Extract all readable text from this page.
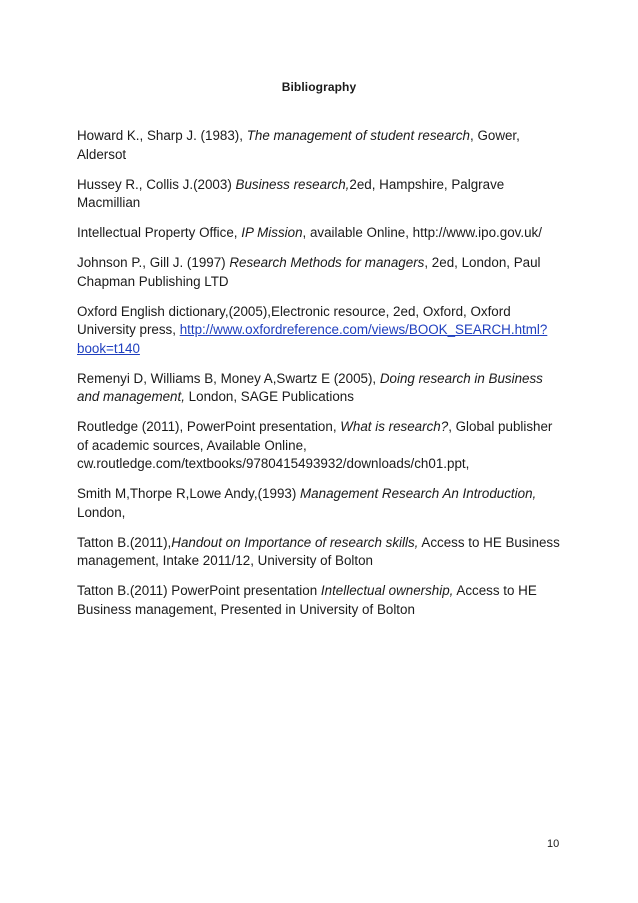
Bibliography

Howard K., Sharp J. (1983), The management of student research, Gower, Aldersot

Hussey R., Collis J.(2003) Business research,2ed, Hampshire, Palgrave Macmillian

Intellectual Property Office, IP Mission, available Online, http://www.ipo.gov.uk/

Johnson P., Gill J. (1997) Research Methods for managers, 2ed, London, Paul Chapman Publishing LTD

Oxford English dictionary,(2005),Electronic resource, 2ed, Oxford, Oxford University press, http://www.oxfordreference.com/views/BOOK_SEARCH.html?book=t140

Remenyi D, Williams B, Money A,Swartz E (2005), Doing research in Business and management, London, SAGE Publications

Routledge (2011), PowerPoint presentation, What is research?, Global publisher of academic sources, Available Online, cw.routledge.com/textbooks/9780415493932/downloads/ch01.ppt,

Smith M,Thorpe R,Lowe Andy,(1993) Management Research An Introduction, London,

Tatton B.(2011),Handout on Importance of research skills, Access to HE Business management, Intake 2011/12, University of Bolton

Tatton B.(2011) PowerPoint presentation Intellectual ownership, Access to HE Business management, Presented in University of Bolton

10
